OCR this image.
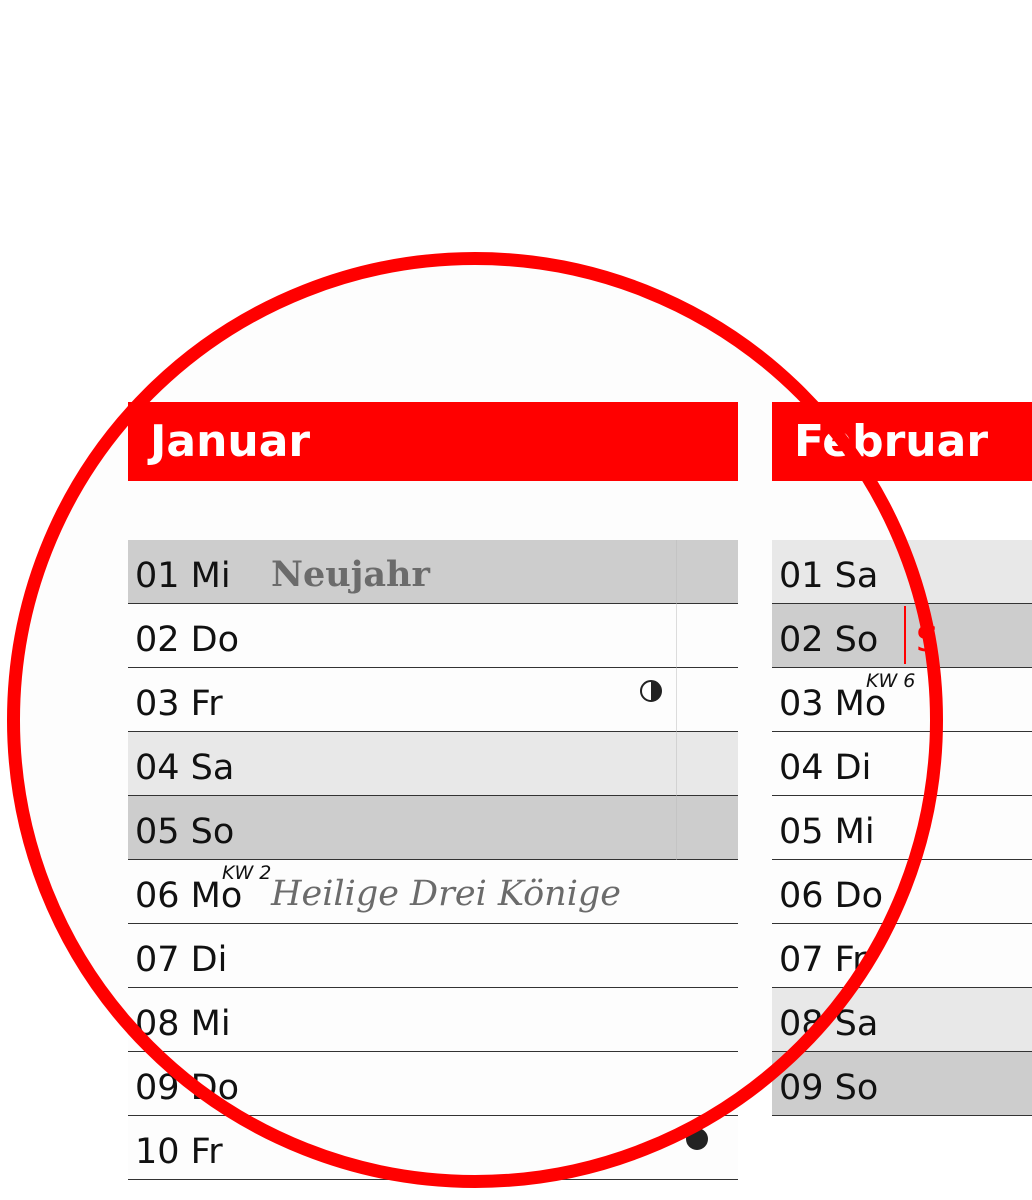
Januar
01 Mi Neujahr
02 Do
03 Fr
04 Sa
05 So
06 Mo
KW 2
Heilige Drei Könige
07 Di
08 Mi
09 Do
10 Fr
Februar
01 Sa
02 So S
03 Mo
KW 6
04 Di
05 Mi
06 Do
07 Fr
08 Sa
09 So
